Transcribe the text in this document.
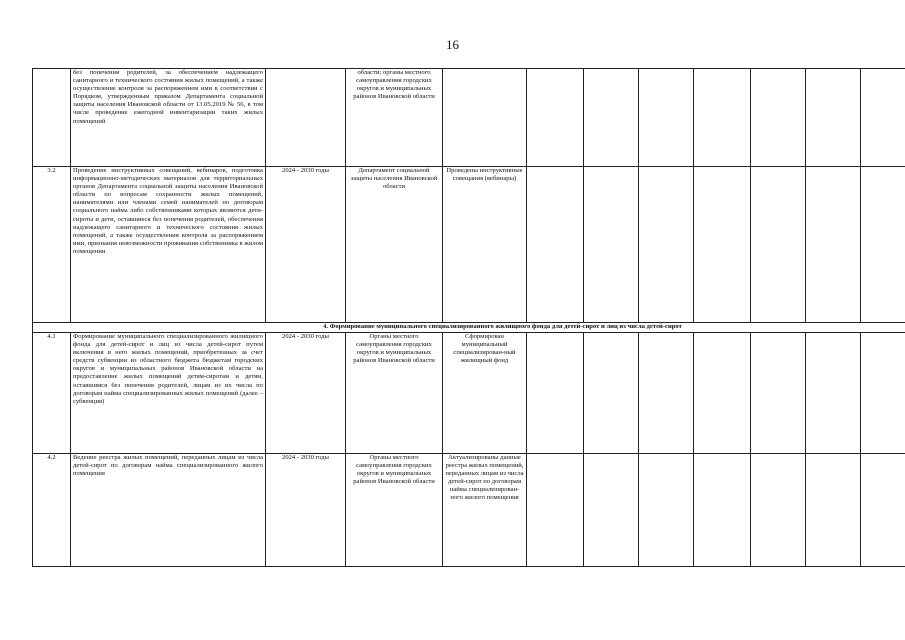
16
	без попечения родителей, за обеспечением надлежащего санитарного и технического состояния жилых помещений, а также осуществление контроля за распоряжением ими в соответствии с Порядком, утвержденным приказом Департамента социальной защиты населения Ивановской области от 13.05.2019 № 56, в том числе проведение ежегодной инвентаризации таких жилых помещений		области; органы местного самоуправления городских округов и муниципальных районов Ивановской области									
3.2	Проведение инструктивных совещаний, вебинаров, подготовка информационно-методических материалов для территориальных органов Департамента социальной защиты населения Ивановской области по вопросам сохранности жилых помещений, нанимателями или членами семей нанимателей по договорам социального найма либо собственниками которых являются дети-сироты и дети, оставшиеся без попечения родителей, обеспечения надлежащего санитарного и технического состояния жилых помещений, а также осуществления контроля за распоряжением ими, признания невозможности проживания собственника в жилом помещении	2024 - 2030 годы	Департамент социальной защиты населения Ивановской области	Проведены инструктивные совещания (вебинары)								
4. Формирование муниципального специализированного жилищного фонда для детей-сирот и лиц из числа детей-сирот												
4.1	Формирование муниципального специализированного жилищного фонда для детей-сирот и лиц из числа детей-сирот путем включения в него жилых помещений, приобретенных за счет средств субвенции из областного бюджета бюджетам городских округов и муниципальных районов Ивановской области на предоставление жилых помещений детям-сиротам и детям, оставшимся без попечения родителей, лицам из их числа по договорам найма специализированных жилых помещений (далее – субвенция)	2024 - 2030 годы	Органы местного самоуправления городских округов и муниципальных районов Ивановской области	Сформирован муниципальный специализирован-ный жилищный фонд								
4.2	Ведение реестра жилых помещений, переданных лицам из числа детей-сирот по договорам найма специализированного жилого помещения	2024 - 2030 годы	Органы местного самоуправления городских округов и муниципальных районов Ивановской области	Актуализированы данные реестра жилых помещений, переданных лицам из числа детей-сирот по договорам найма специализирован-ного жилого помещения								
